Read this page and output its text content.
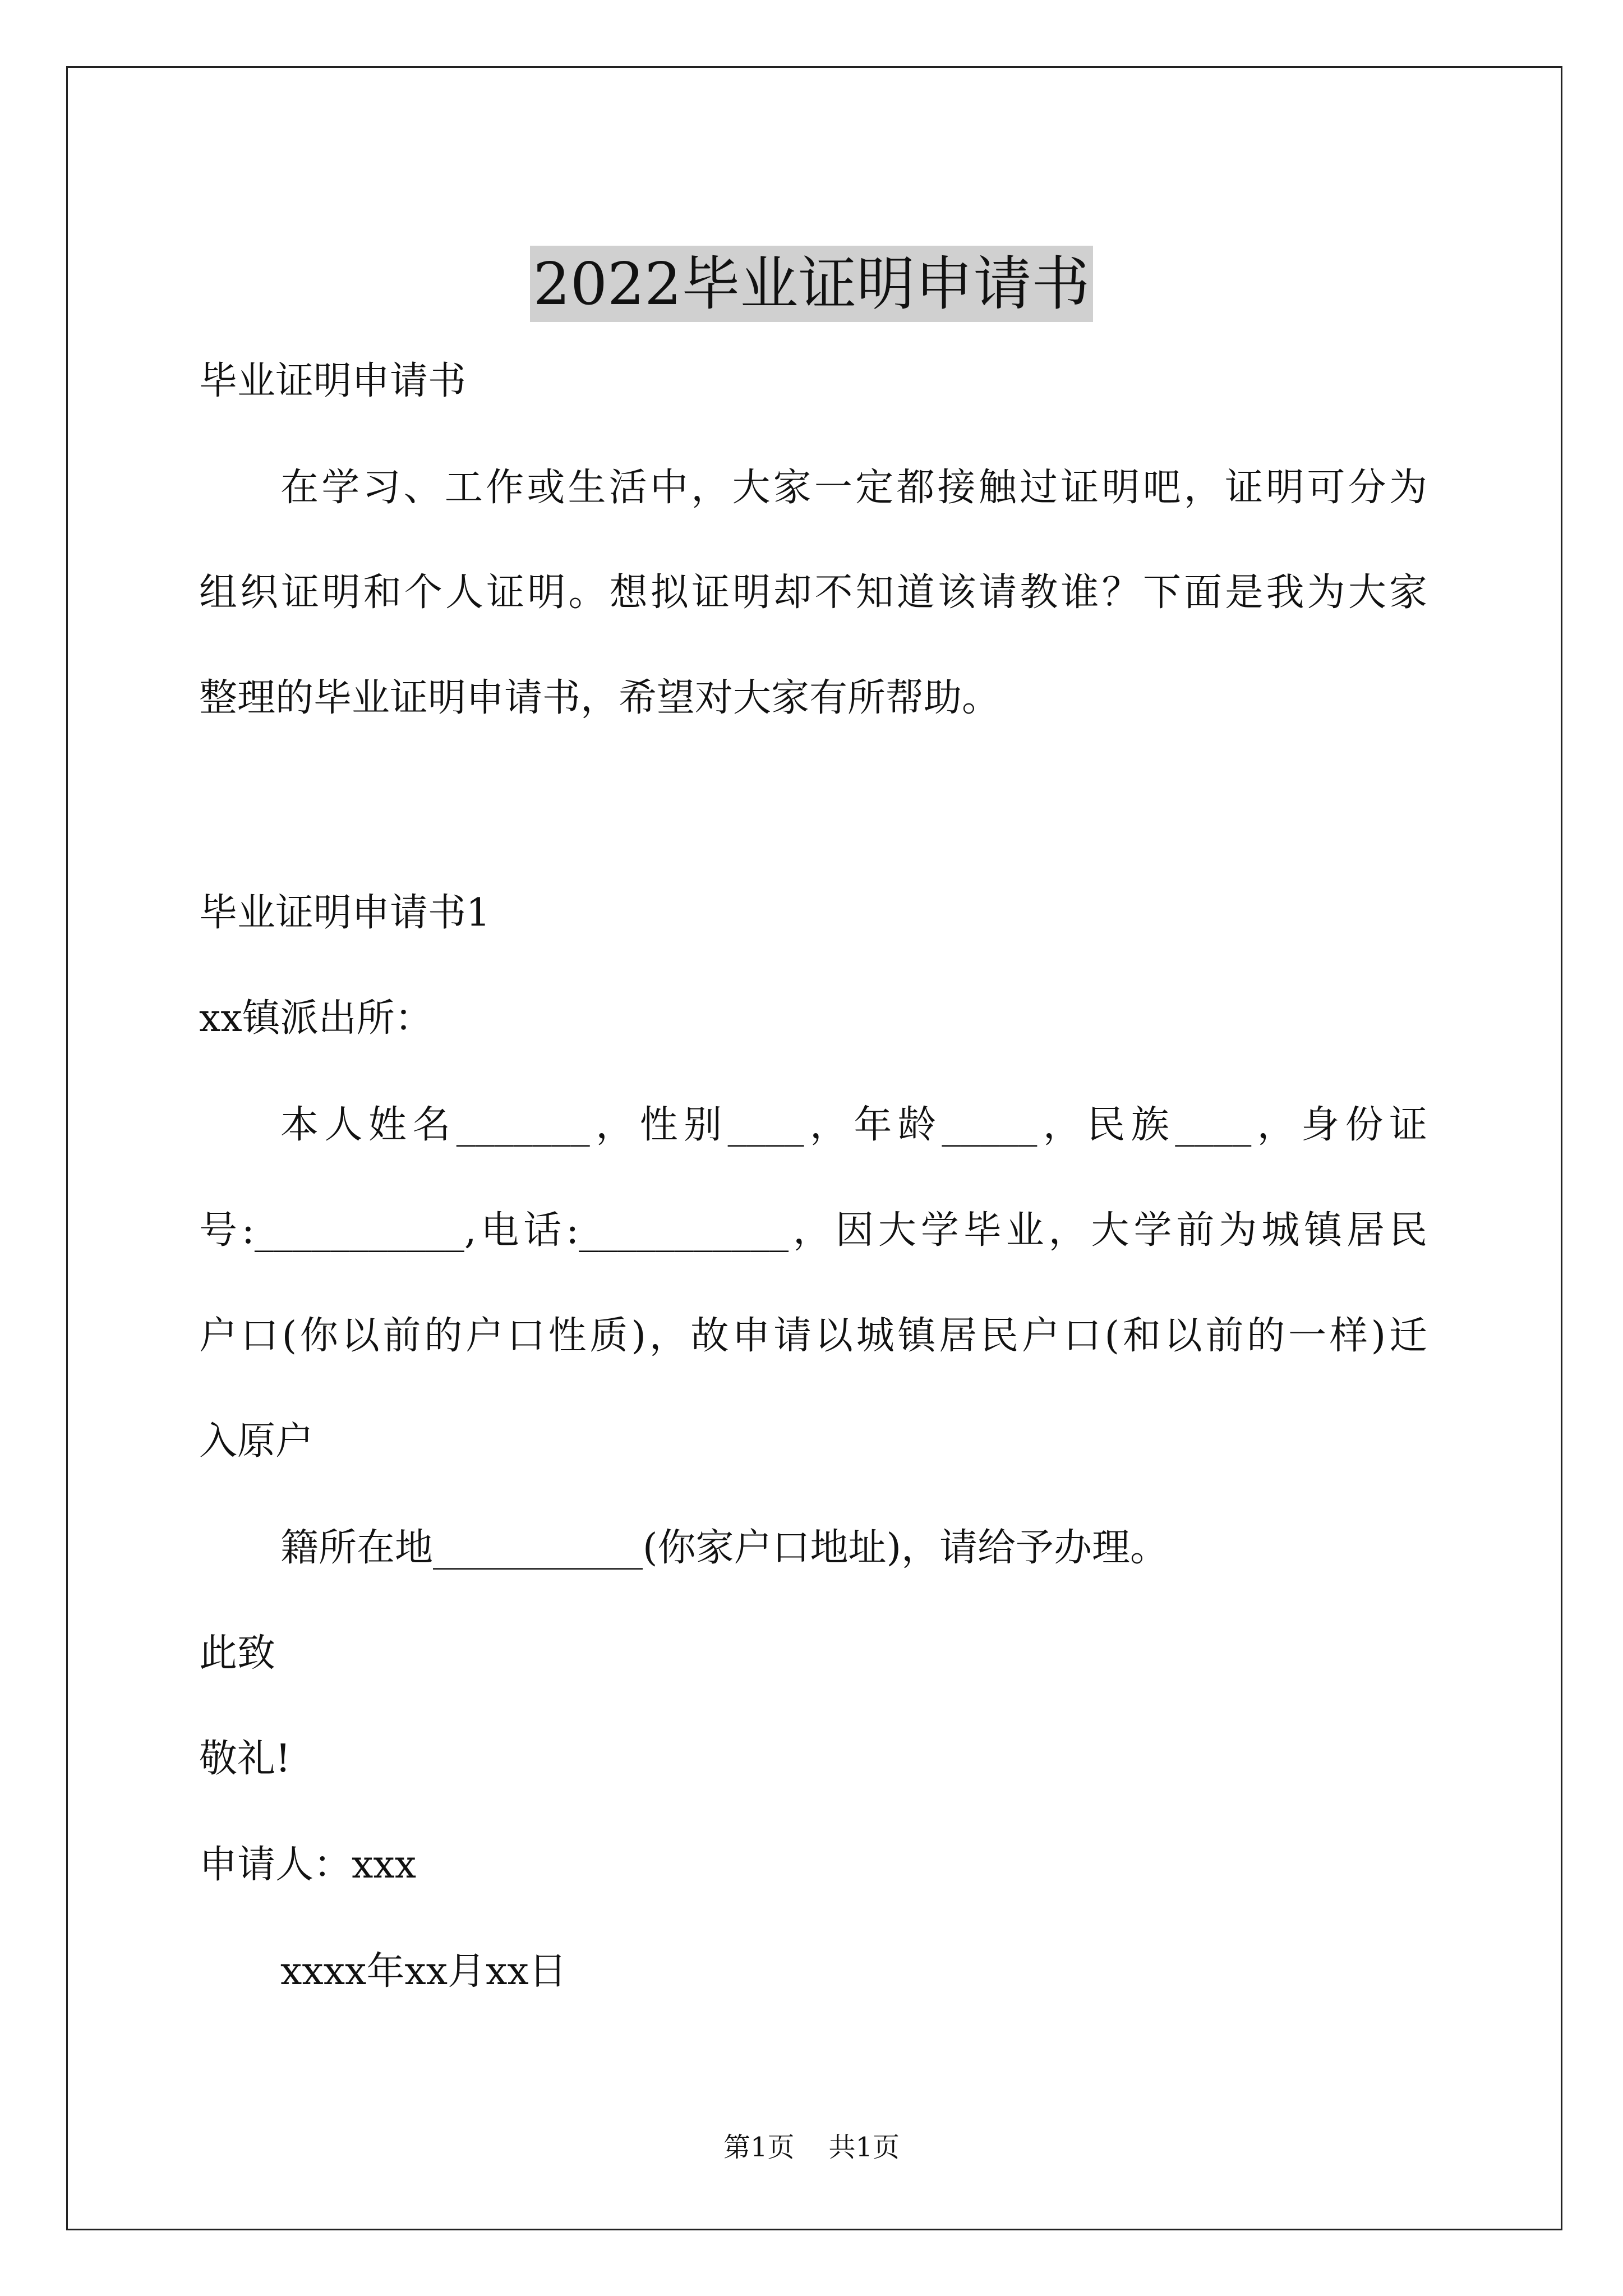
2022毕业证明申请书
毕业证明申请书
在学习、工作或生活中，大家一定都接触过证明吧，证明可分为
组织证明和个人证明。想拟证明却不知道该请教谁？下面是我为大家
整理的毕业证明申请书，希望对大家有所帮助。
毕业证明申请书1
xx镇派出所：
本人姓名_______，性别____，年龄_____，民族____，身份证
号:___________,电话:___________，因大学毕业，大学前为城镇居民
户口(你以前的户口性质)，故申请以城镇居民户口(和以前的一样)迁
入原户
籍所在地___________(你家户口地址)，请给予办理。
此致
敬礼!
申请人：xxx
xxxx年xx月xx日
第1页 共1页
